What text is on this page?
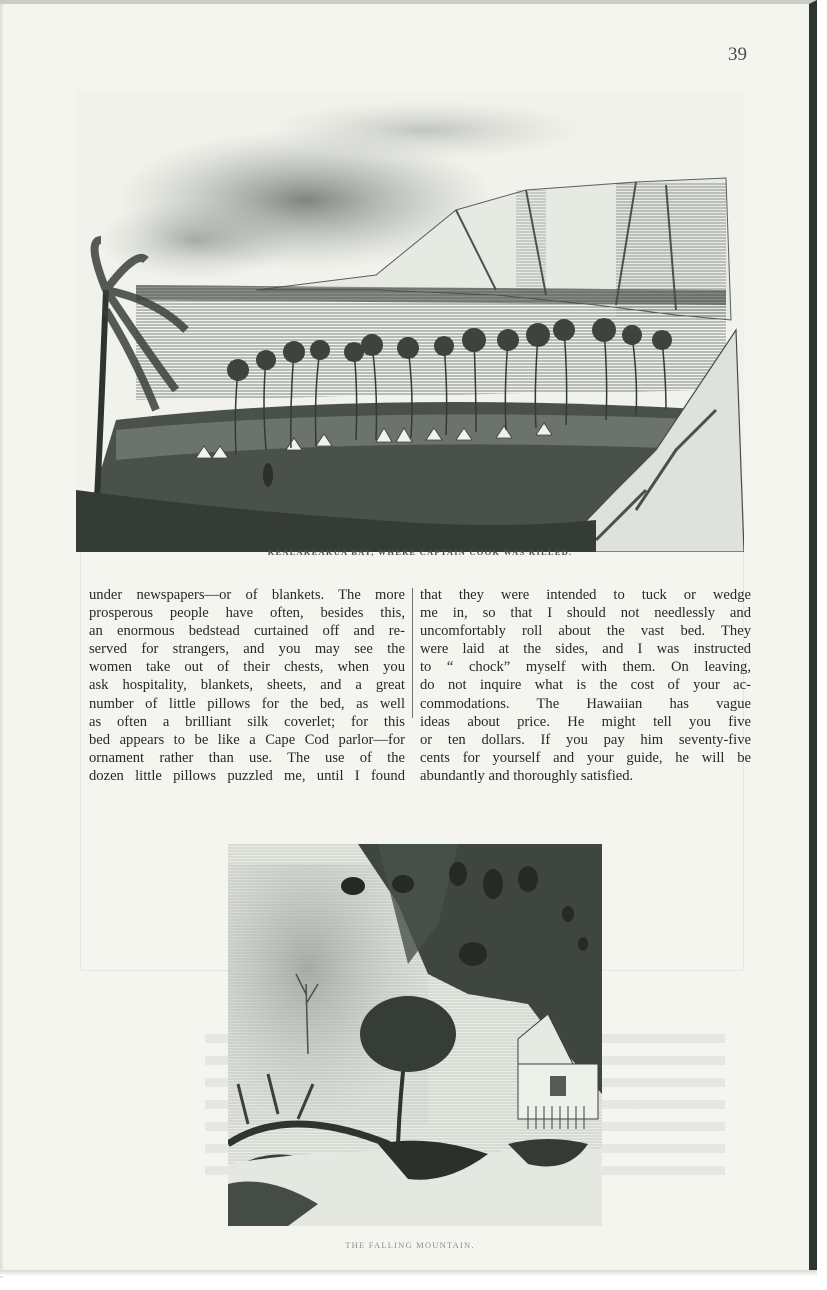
39
KEALAKEAKUA BAY, WHERE CAPTAIN COOK WAS KILLED.
under newspapers—or of blankets. The more
prosperous people have often, besides this,
an enormous bedstead curtained off and re-
served for strangers, and you may see the
women take out of their chests, when you
ask hospitality, blankets, sheets, and a great
number of little pillows for the bed, as well
as often a brilliant silk coverlet; for this
bed appears to be like a Cape Cod parlor—for
ornament rather than use. The use of the
dozen little pillows puzzled me, until I found
that they were intended to tuck or wedge
me in, so that I should not needlessly and
uncomfortably roll about the vast bed. They
were laid at the sides, and I was instructed
to “ chock” myself with them. On leaving,
do not inquire what is the cost of your ac-
commodations. The Hawaiian has vague
ideas about price. He might tell you five
or ten dollars. If you pay him seventy-five
cents for yourself and your guide, he will be
abundantly and thoroughly satisfied.
THE FALLING MOUNTAIN.
